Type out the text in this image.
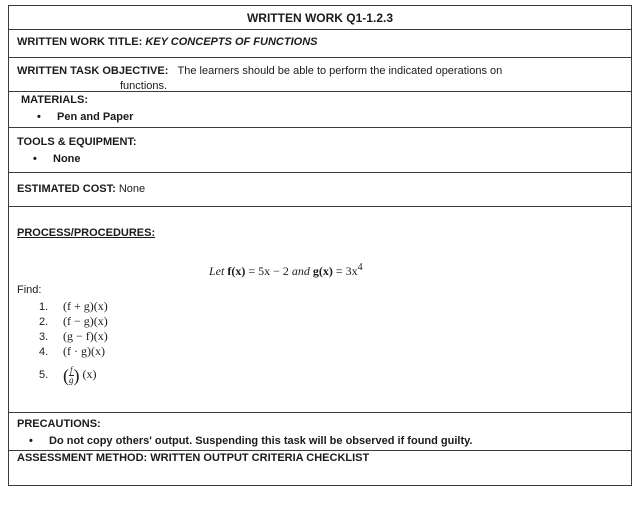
WRITTEN WORK Q1-1.2.3
WRITTEN WORK TITLE: KEY CONCEPTS OF FUNCTIONS
WRITTEN TASK OBJECTIVE: The learners should be able to perform the indicated operations on
functions.
MATERIALS:
• Pen and Paper
TOOLS & EQUIPMENT:
• None
ESTIMATED COST: None
PROCESS/PROCEDURES:
Let f(x) = 5x − 2 and $g(x) = 3x^4$
Find:
1. (f + g)(x)
2. (f − g)(x)
3. (g − f)(x)
4. (f · g)(x)
5. ( $\frac{f}{g}$ ) (x)
PRECAUTIONS:
• Do not copy others' output. Suspending this task will be observed if found guilty.
ASSESSMENT METHOD: WRITTEN OUTPUT CRITERIA CHECKLIST
